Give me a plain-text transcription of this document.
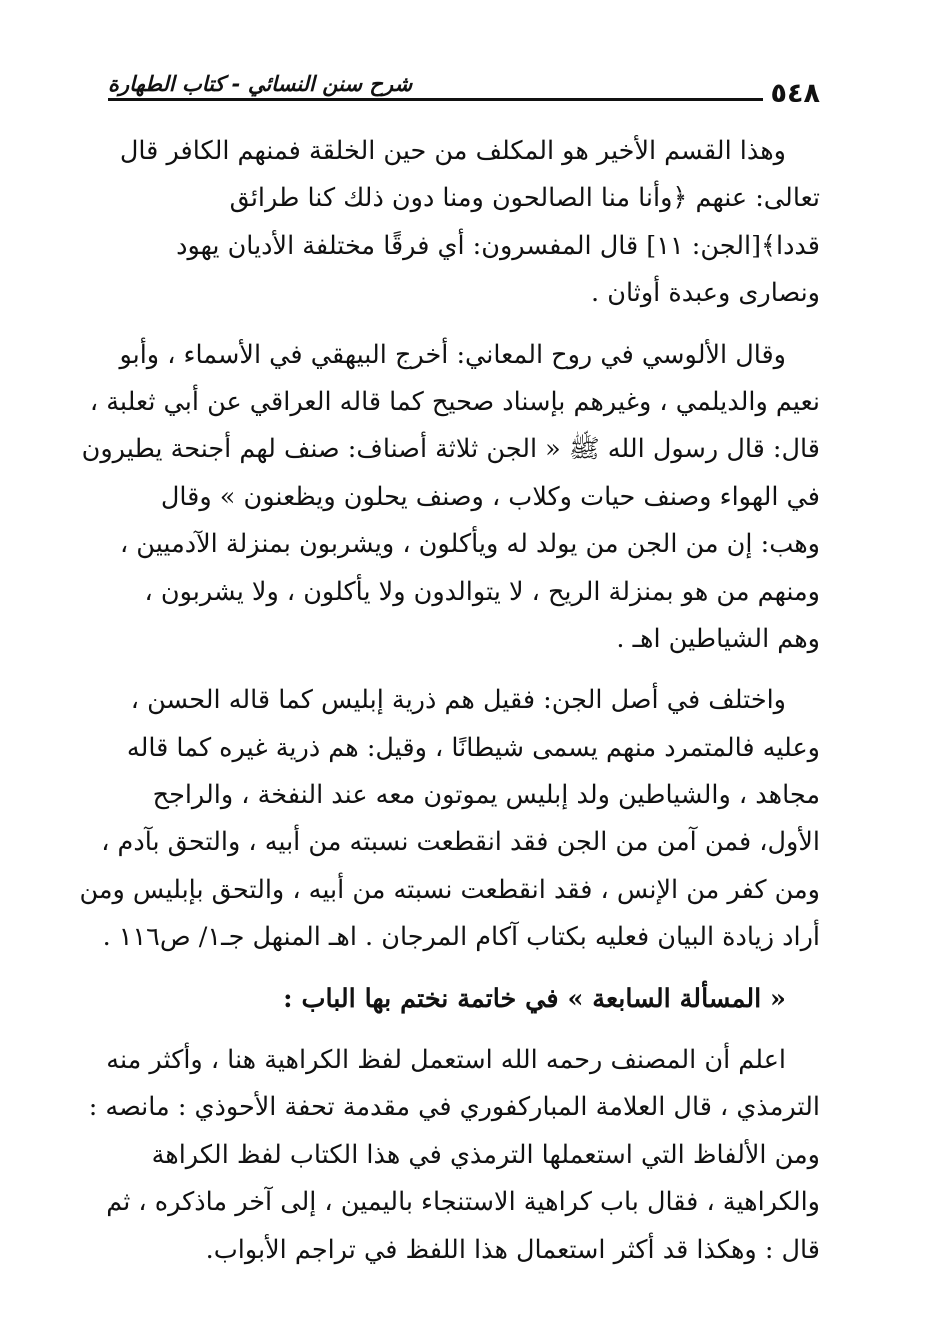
شرح سنن النسائي - كتاب الطهارة	٥٤٨
وهذا القسم الأخير هو المكلف من حين الخلقة فمنهم الكافر قال
تعالى: عنهم ﴿وأنا منا الصالحون ومنا دون ذلك كنا طرائق
قددا﴾[الجن: ١١] قال المفسرون: أي فرقًا مختلفة الأديان يهود
ونصارى وعبدة أوثان .
وقال الألوسي في روح المعاني: أخرج البيهقي في الأسماء ، وأبو
نعيم والديلمي ، وغيرهم بإسناد صحيح كما قاله العراقي عن أبي ثعلبة ،
قال: قال رسول الله ﷺ « الجن ثلاثة أصناف: صنف لهم أجنحة يطيرون
في الهواء وصنف حيات وكلاب ، وصنف يحلون ويظعنون » وقال
وهب: إن من الجن من يولد له ويأكلون ، ويشربون بمنزلة الآدميين ،
ومنهم من هو بمنزلة الريح ، لا يتوالدون ولا يأكلون ، ولا يشربون ،
وهم الشياطين اهـ .
واختلف في أصل الجن: فقيل هم ذرية إبليس كما قاله الحسن ،
وعليه فالمتمرد منهم يسمى شيطانًا ، وقيل: هم ذرية غيره كما قاله
مجاهد ، والشياطين ولد إبليس يموتون معه عند النفخة ، والراجح
الأول، فمن آمن من الجن فقد انقطعت نسبته من أبيه ، والتحق بآدم ،
ومن كفر من الإنس ، فقد انقطعت نسبته من أبيه ، والتحق بإبليس ومن
أراد زيادة البيان فعليه بكتاب آكام المرجان . اهـ المنهل جـ١/ ص١١٦ .
« المسألة السابعة » في خاتمة نختم بها الباب :
اعلم أن المصنف رحمه الله استعمل لفظ الكراهية هنا ، وأكثر منه
الترمذي ، قال العلامة المباركفوري في مقدمة تحفة الأحوذي : مانصه :
ومن الألفاظ التي استعملها الترمذي في هذا الكتاب لفظ الكراهة
والكراهية ، فقال باب كراهية الاستنجاء باليمين ، إلى آخر ماذكره ، ثم
قال : وهكذا قد أكثر استعمال هذا اللفظ في تراجم الأبواب.
